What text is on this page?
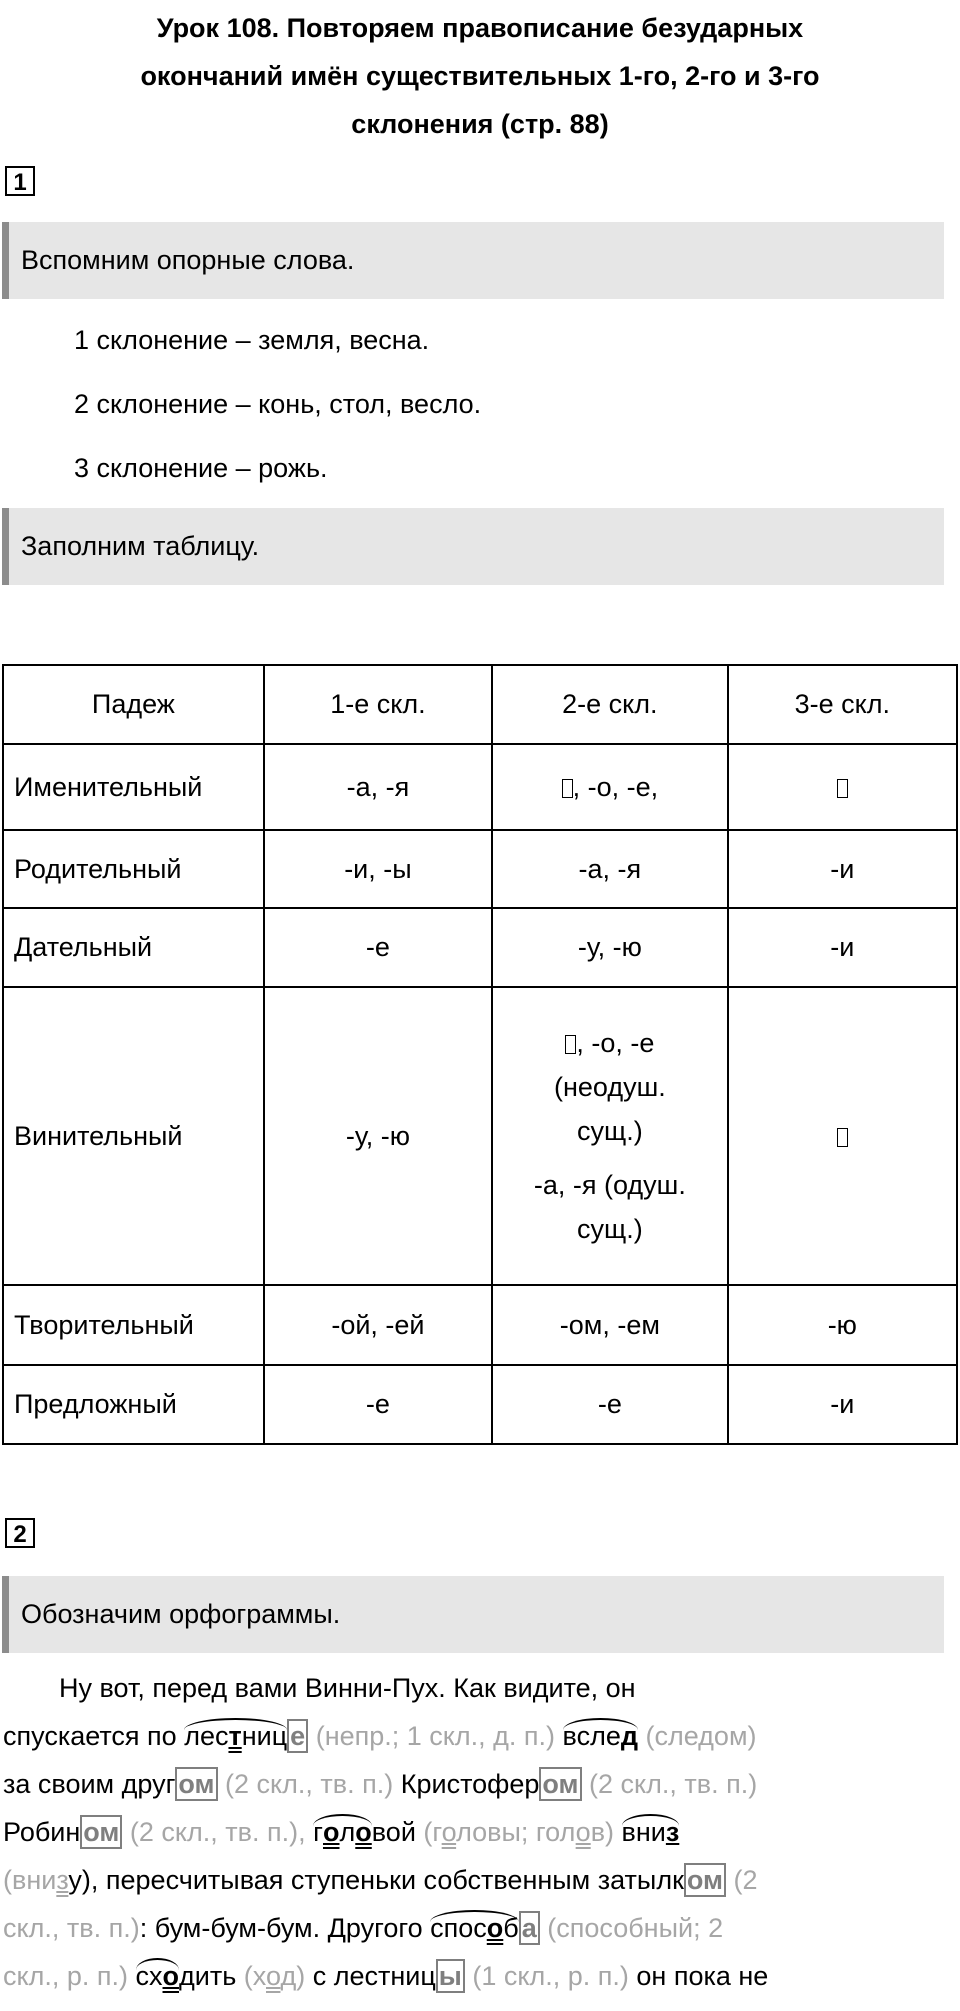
Урок 108. Повторяем правописание безударных
окончаний имён существительных 1-го, 2-го и 3-го
склонения (стр. 88)
1
Вспомним опорные слова.
1 склонение – земля, весна.
2 склонение – конь, стол, весло.
3 склонение – рожь.
Заполним таблицу.
Падеж	1-е скл.	2-е скл.	3-е скл.
Именительный	-а, -я	, -о, -е,	
Родительный	-и, -ы	-а, -я	-и
Дательный	-е	-у, -ю	-и
Винительный	-у, -ю	, -о, -е
(неодуш.
сущ.)
-а, -я (одуш.
сущ.)	

Творительный	-ой, -ей	-ом, -ем	-ю
Предложный	-е	-е	-и
2
Обозначим орфограммы.
Ну вот, перед вами Винни-Пух. Как видите, он
спускается по лестниц е (непр.; 1 скл., д. п.) вслед (следом)
за своим друг ом (2 скл., тв. п.) Кристофер ом (2 скл., тв. п.)
Робин ом (2 скл., тв. п.), головой (головы; голов) вниз
(внизу), пересчитывая ступеньки собственным затылк ом (2
скл., тв. п.): бум-бум-бум. Другого способ а (способный; 2
скл., р. п.) сходить (ход) с лестниц ы (1 скл., р. п.) он пока не
